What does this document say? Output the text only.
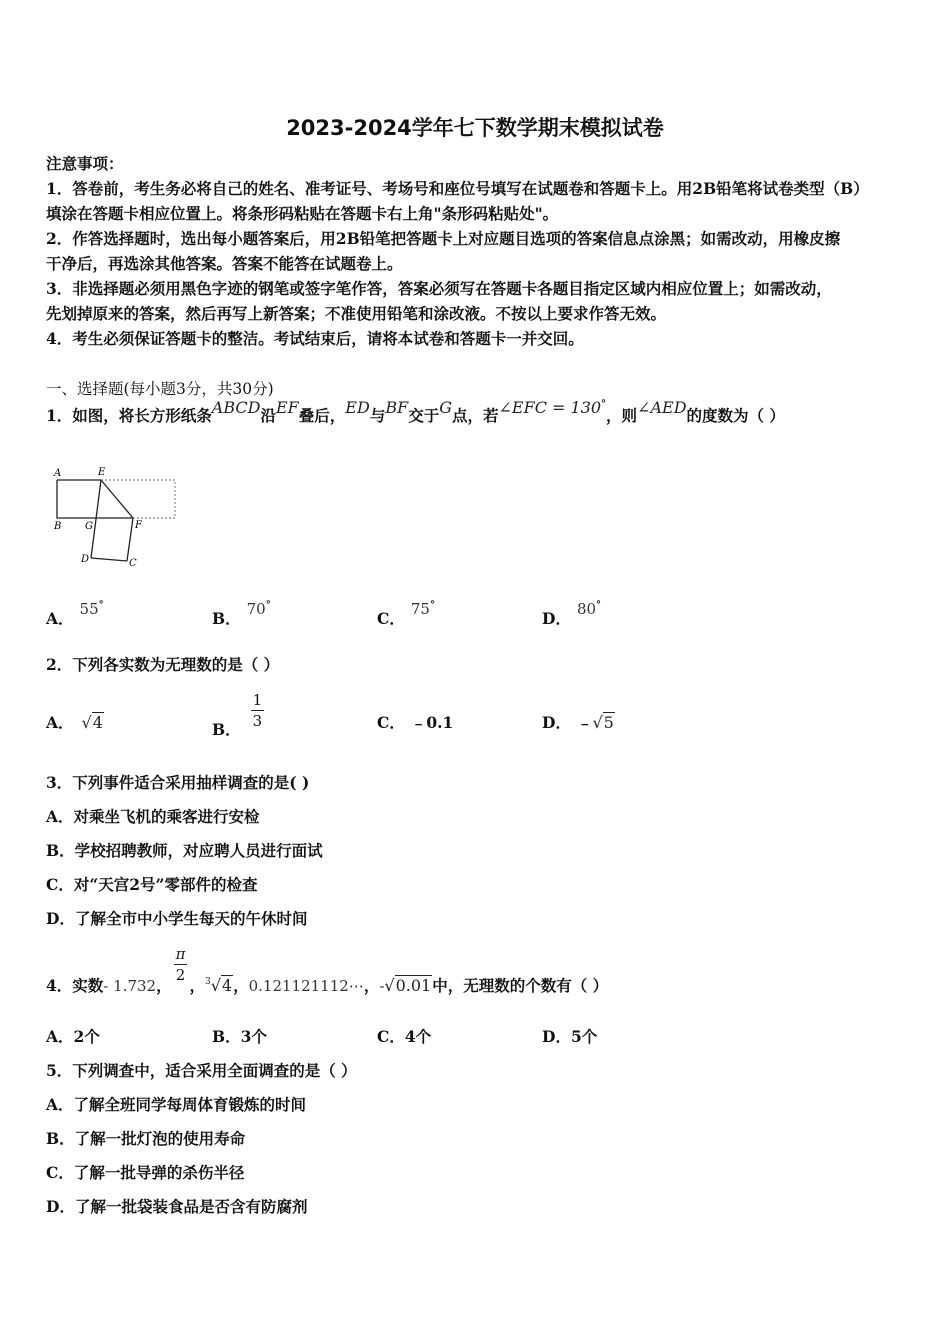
2023-2024学年七下数学期末模拟试卷
注意事项：
1．答卷前，考生务必将自己的姓名、准考证号、考场号和座位号填写在试题卷和答题卡上。用2B铅笔将试卷类型（B）
填涂在答题卡相应位置上。将条形码粘贴在答题卡右上角"条形码粘贴处"。
2．作答选择题时，选出每小题答案后，用2B铅笔把答题卡上对应题目选项的答案信息点涂黑；如需改动，用橡皮擦
干净后，再选涂其他答案。答案不能答在试题卷上。
3．非选择题必须用黑色字迹的钢笔或签字笔作答，答案必须写在答题卡各题目指定区域内相应位置上；如需改动，
先划掉原来的答案，然后再写上新答案；不准使用铅笔和涂改液。不按以上要求作答无效。
4．考生必须保证答题卡的整洁。考试结束后，请将本试卷和答题卡一并交回。
一、选择题(每小题3分，共30分)
1．如图，将长方形纸条ABCD沿EF叠后，ED与BF交于G点，若∠EFC = 130°，则∠AED的度数为（ ）
A	E
B G	F
D	C
A． 55°
B． 70°
C． 75°
D． 80°
2．下列各实数为无理数的是（ ）
A． √4	B． $\frac{1}{3}$	C． ﹣0.1	D． ﹣√5
3．下列事件适合采用抽样调查的是( )
A．对乘坐飞机的乘客进行安检
B．学校招聘教师，对应聘人员进行面试
C．对“天宫2号”零部件的检查
D．了解全市中小学生每天的午休时间
4．实数- 1.732， $\frac{\pi}{2}$ ，$^3$√4，0.121121112⋯，-√0.01中，无理数的个数有（ ）
A．2个	B．3个	C．4个	D．5个
5．下列调查中，适合采用全面调查的是（ ）
A．了解全班同学每周体育锻炼的时间
B．了解一批灯泡的使用寿命
C．了解一批导弹的杀伤半径
D．了解一批袋装食品是否含有防腐剂
